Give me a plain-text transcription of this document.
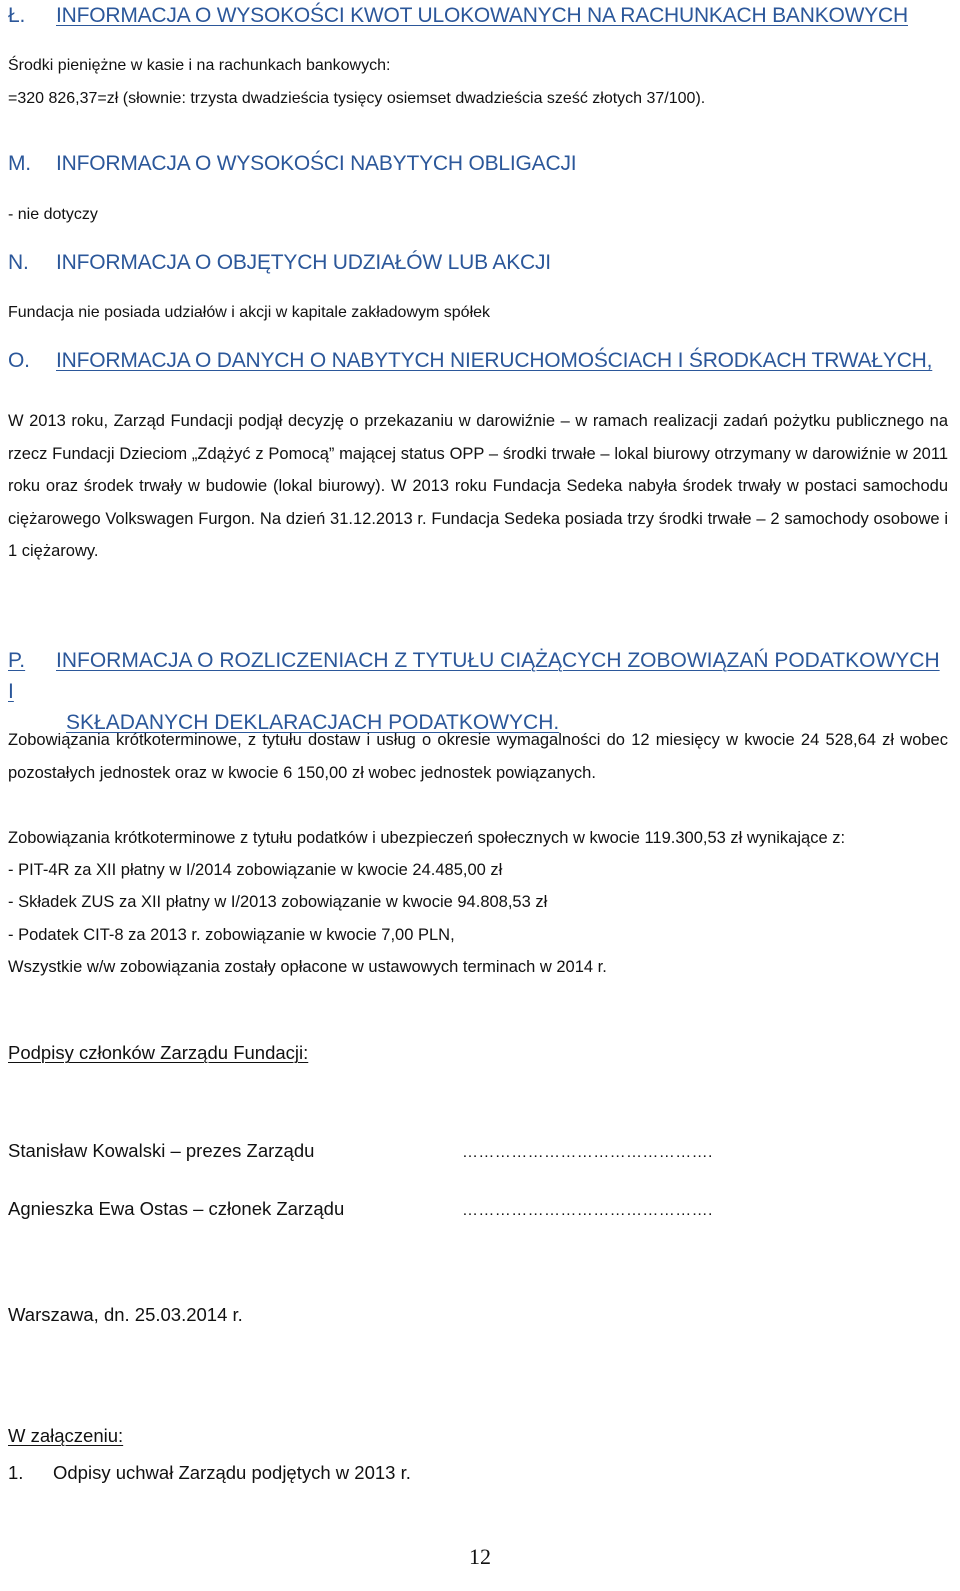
Ł. INFORMACJA O WYSOKOŚCI KWOT ULOKOWANYCH NA RACHUNKACH BANKOWYCH
Środki pieniężne w kasie i na rachunkach bankowych:
=320 826,37=zł (słownie: trzysta dwadzieścia tysięcy osiemset dwadzieścia sześć złotych 37/100).
M. INFORMACJA O WYSOKOŚCI NABYTYCH OBLIGACJI
- nie dotyczy
N. INFORMACJA O OBJĘTYCH UDZIAŁÓW LUB AKCJI
Fundacja nie posiada udziałów i akcji w kapitale zakładowym spółek
O. INFORMACJA O DANYCH O NABYTYCH NIERUCHOMOŚCIACH I ŚRODKACH TRWAŁYCH,
W 2013 roku, Zarząd Fundacji podjął decyzję o przekazaniu w darowiźnie – w ramach realizacji zadań pożytku publicznego na rzecz Fundacji Dzieciom „Zdążyć z Pomocą” mającej status OPP – środki trwałe – lokal biurowy otrzymany w darowiźnie w 2011 roku oraz środek trwały w budowie (lokal biurowy). W 2013 roku Fundacja Sedeka nabyła środek trwały w postaci samochodu ciężarowego Volkswagen Furgon. Na dzień 31.12.2013 r. Fundacja Sedeka posiada trzy środki trwałe – 2 samochody osobowe i 1 ciężarowy.
P. INFORMACJA O ROZLICZENIACH Z TYTUŁU CIĄŻĄCYCH ZOBOWIĄZAŃ PODATKOWYCH I
SKŁADANYCH DEKLARACJACH PODATKOWYCH.
Zobowiązania krótkoterminowe, z tytułu dostaw i usług o okresie wymagalności do 12 miesięcy w kwocie 24 528,64 zł wobec pozostałych jednostek oraz w kwocie 6 150,00 zł wobec jednostek powiązanych.
Zobowiązania krótkoterminowe z tytułu podatków i ubezpieczeń społecznych w kwocie 119.300,53 zł wynikające z:
- PIT-4R za XII płatny w I/2014 zobowiązanie w kwocie 24.485,00 zł
- Składek ZUS za XII płatny w I/2013 zobowiązanie w kwocie 94.808,53 zł
- Podatek CIT-8 za 2013 r. zobowiązanie w kwocie 7,00 PLN,
Wszystkie w/w zobowiązania zostały opłacone w ustawowych terminach w 2014 r.
Podpisy członków Zarządu Fundacji:
Stanisław Kowalski – prezes Zarządu	……………………………………….
Agnieszka Ewa Ostas – członek Zarządu	……………………………………….
Warszawa, dn. 25.03.2014 r.
W załączeniu:
1. Odpisy uchwał Zarządu podjętych w 2013 r.
12
